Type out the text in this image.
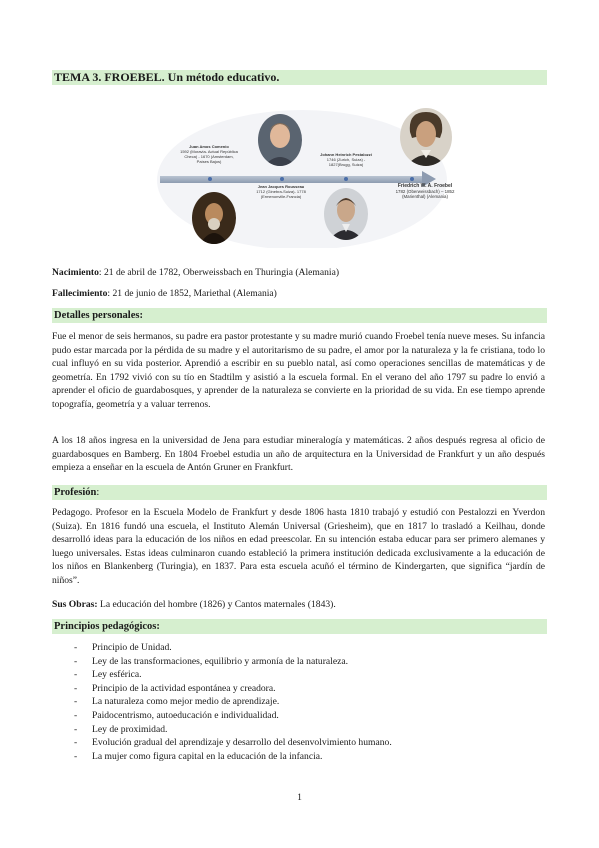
TEMA 3. FROEBEL. Un método educativo.
Juan Amos Comenio
1592 (Moravia- Actual República Checa) - 1670 (Amsterdam, Países Bajos)
Jean Jacques Rousseau
1712 (Ginebra-Suiza)- 1778 (Ermenonville-Francia)
Johann Heinrich Pestalozzi
1746 (Zurich, Suiza) - 1827(Brugg, Suiza)
Friedrich W. A. Froebel
1782 (Oberweissbach) – 1852 (Marienthal) (Alemania)

Nacimiento: 21 de abril de 1782, Oberweissbach en Thuringia (Alemania)

Fallecimiento: 21 de junio de 1852, Mariethal (Alemania)

Detalles personales:

Fue el menor de seis hermanos, su padre era pastor protestante y su madre murió cuando Froebel tenía nueve meses. Su infancia pudo estar marcada por la pérdida de su madre y el autoritarismo de su padre, el amor por la naturaleza y la fe cristiana, todo lo cual influyó en su vida posterior. Aprendió a escribir en su pueblo natal, así como operaciones sencillas de matemáticas y de geometría. En 1792 vivió con su tío en Stadtilm y asistió a la escuela formal. En el verano del año 1797 su padre lo envió a aprender el oficio de guardabosques, y aprender de la naturaleza se convierte en la prioridad de su vida. En ese tiempo aprende topografía, geometría y a valuar terrenos.

A los 18 años ingresa en la universidad de Jena para estudiar mineralogía y matemáticas. 2 años después regresa al oficio de guardabosques en Bamberg. En 1804 Froebel estudia un año de arquitectura en la Universidad de Frankfurt y un año después empieza a enseñar en la escuela de Antón Gruner en Frankfurt.

Profesión:

Pedagogo. Profesor en la Escuela Modelo de Frankfurt y desde 1806 hasta 1810 trabajó y estudió con Pestalozzi en Yverdon (Suiza). En 1816 fundó una escuela, el Instituto Alemán Universal (Griesheim), que en 1817 lo trasladó a Keilhau, donde desarrolló ideas para la educación de los niños en edad preescolar. En su intención estaba educar para ser primero alemanes y luego universales. Estas ideas culminaron cuando estableció la primera institución dedicada exclusivamente a la educación de los niños en Blankenberg (Turingia), en 1837. Para esta escuela acuñó el término de Kindergarten, que significa “jardín de niños”.

Sus Obras: La educación del hombre (1826) y Cantos maternales (1843).

Principios pedagógicos:
- Principio de Unidad.
- Ley de las transformaciones, equilibrio y armonía de la naturaleza.
- Ley esférica.
- Principio de la actividad espontánea y creadora.
- La naturaleza como mejor medio de aprendizaje.
- Paidocentrismo, autoeducación e individualidad.
- Ley de proximidad.
- Evolución gradual del aprendizaje y desarrollo del desenvolvimiento humano.
- La mujer como figura capital en la educación de la infancia.
1
